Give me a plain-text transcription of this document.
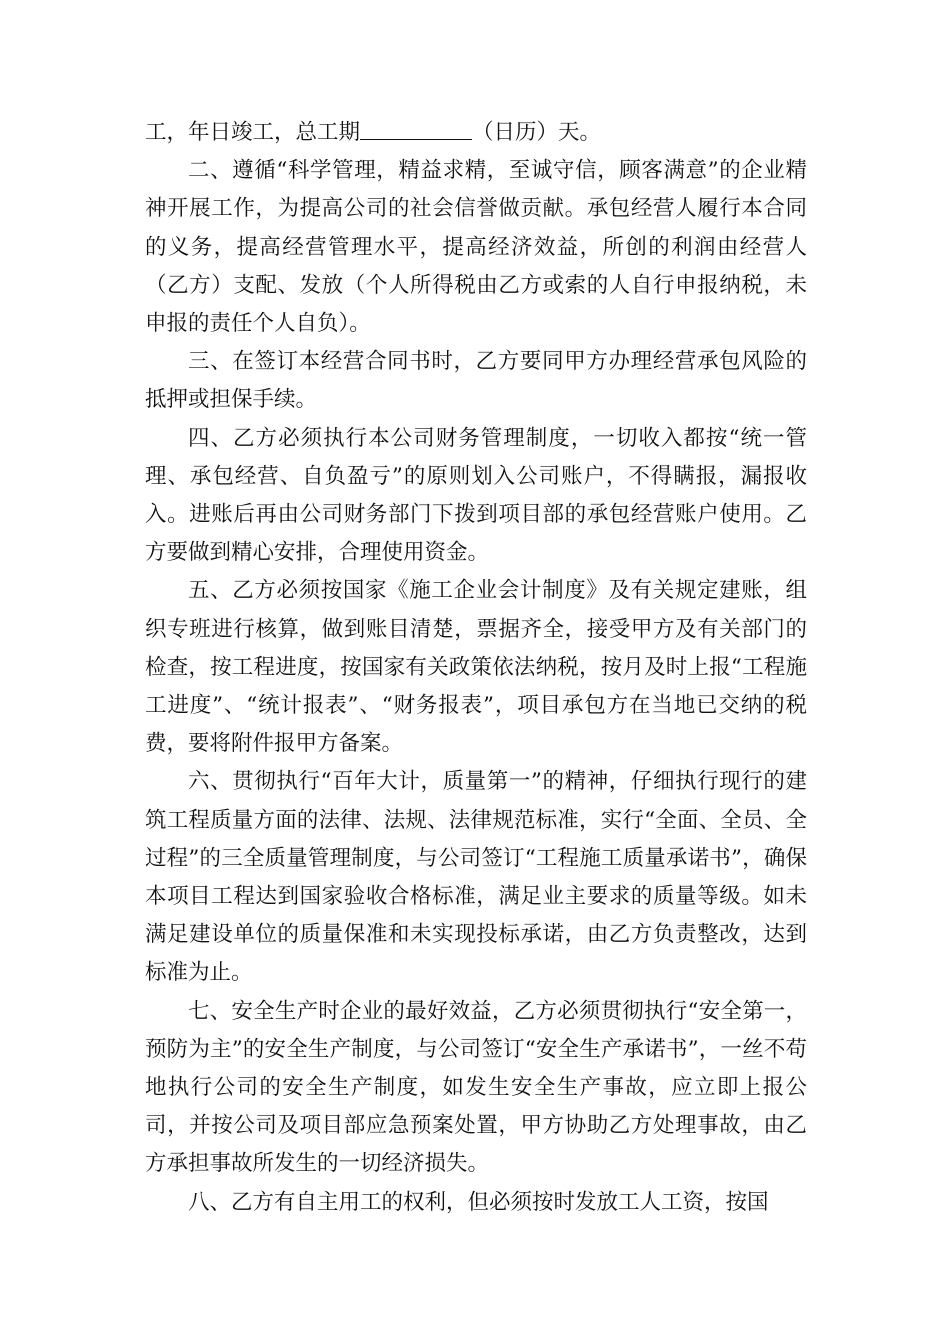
工，年日竣工，总工期	（日历）天。

二、遵循“科学管理，精益求精，至诚守信，顾客满意”的企业精神开展工作，为提高公司的社会信誉做贡献。承包经营人履行本合同的义务，提高经营管理水平，提高经济效益，所创的利润由经营人（乙方）支配、发放（个人所得税由乙方或索的人自行申报纳税，未申报的责任个人自负）。

三、在签订本经营合同书时，乙方要同甲方办理经营承包风险的抵押或担保手续。

四、乙方必须执行本公司财务管理制度，一切收入都按“统一管理、承包经营、自负盈亏”的原则划入公司账户，不得瞒报，漏报收入。进账后再由公司财务部门下拨到项目部的承包经营账户使用。乙方要做到精心安排，合理使用资金。

五、乙方必须按国家《施工企业会计制度》及有关规定建账，组织专班进行核算，做到账目清楚，票据齐全，接受甲方及有关部门的检查，按工程进度，按国家有关政策依法纳税，按月及时上报“工程施工进度”、“统计报表”、“财务报表”，项目承包方在当地已交纳的税费，要将附件报甲方备案。

六、贯彻执行“百年大计，质量第一”的精神，仔细执行现行的建筑工程质量方面的法律、法规、法律规范标准，实行“全面、全员、全过程”的三全质量管理制度，与公司签订“工程施工质量承诺书”，确保本项目工程达到国家验收合格标准，满足业主要求的质量等级。如未满足建设单位的质量保准和未实现投标承诺，由乙方负责整改，达到标准为止。

七、安全生产时企业的最好效益，乙方必须贯彻执行“安全第一，预防为主”的安全生产制度，与公司签订“安全生产承诺书”，一丝不苟地执行公司的安全生产制度，如发生安全生产事故，应立即上报公司，并按公司及项目部应急预案处置，甲方协助乙方处理事故，由乙方承担事故所发生的一切经济损失。

八、乙方有自主用工的权利，但必须按时发放工人工资，按国
